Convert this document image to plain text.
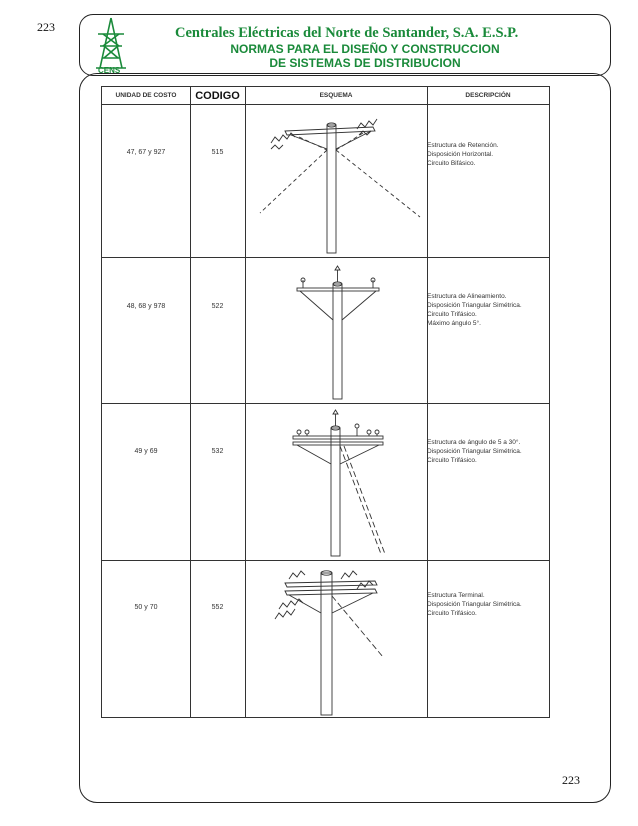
223
CENS
Centrales Eléctricas del Norte de Santander, S.A. E.S.P.
NORMAS PARA EL DISEÑO Y CONSTRUCCION
DE SISTEMAS DE DISTRIBUCION
UNIDAD DE COSTO	CODIGO	ESQUEMA	DESCRIPCIÓN
47, 67 y 927	515
Estructura de Retención.
Disposición Horizontal.
Circuito Bifásico.
48, 68 y 978	522
Estructura de Alineamiento.
Disposición Triangular Simétrica.
Circuito Trifásico.
Máximo ángulo 5°.
49 y 69	532
Estructura de ángulo de 5 a 30°.
Disposición Triangular Simétrica.
Circuito Trifásico.
50 y 70	552
Estructura Terminal.
Disposición Triangular Simétrica.
Circuito Trifásico.
223
